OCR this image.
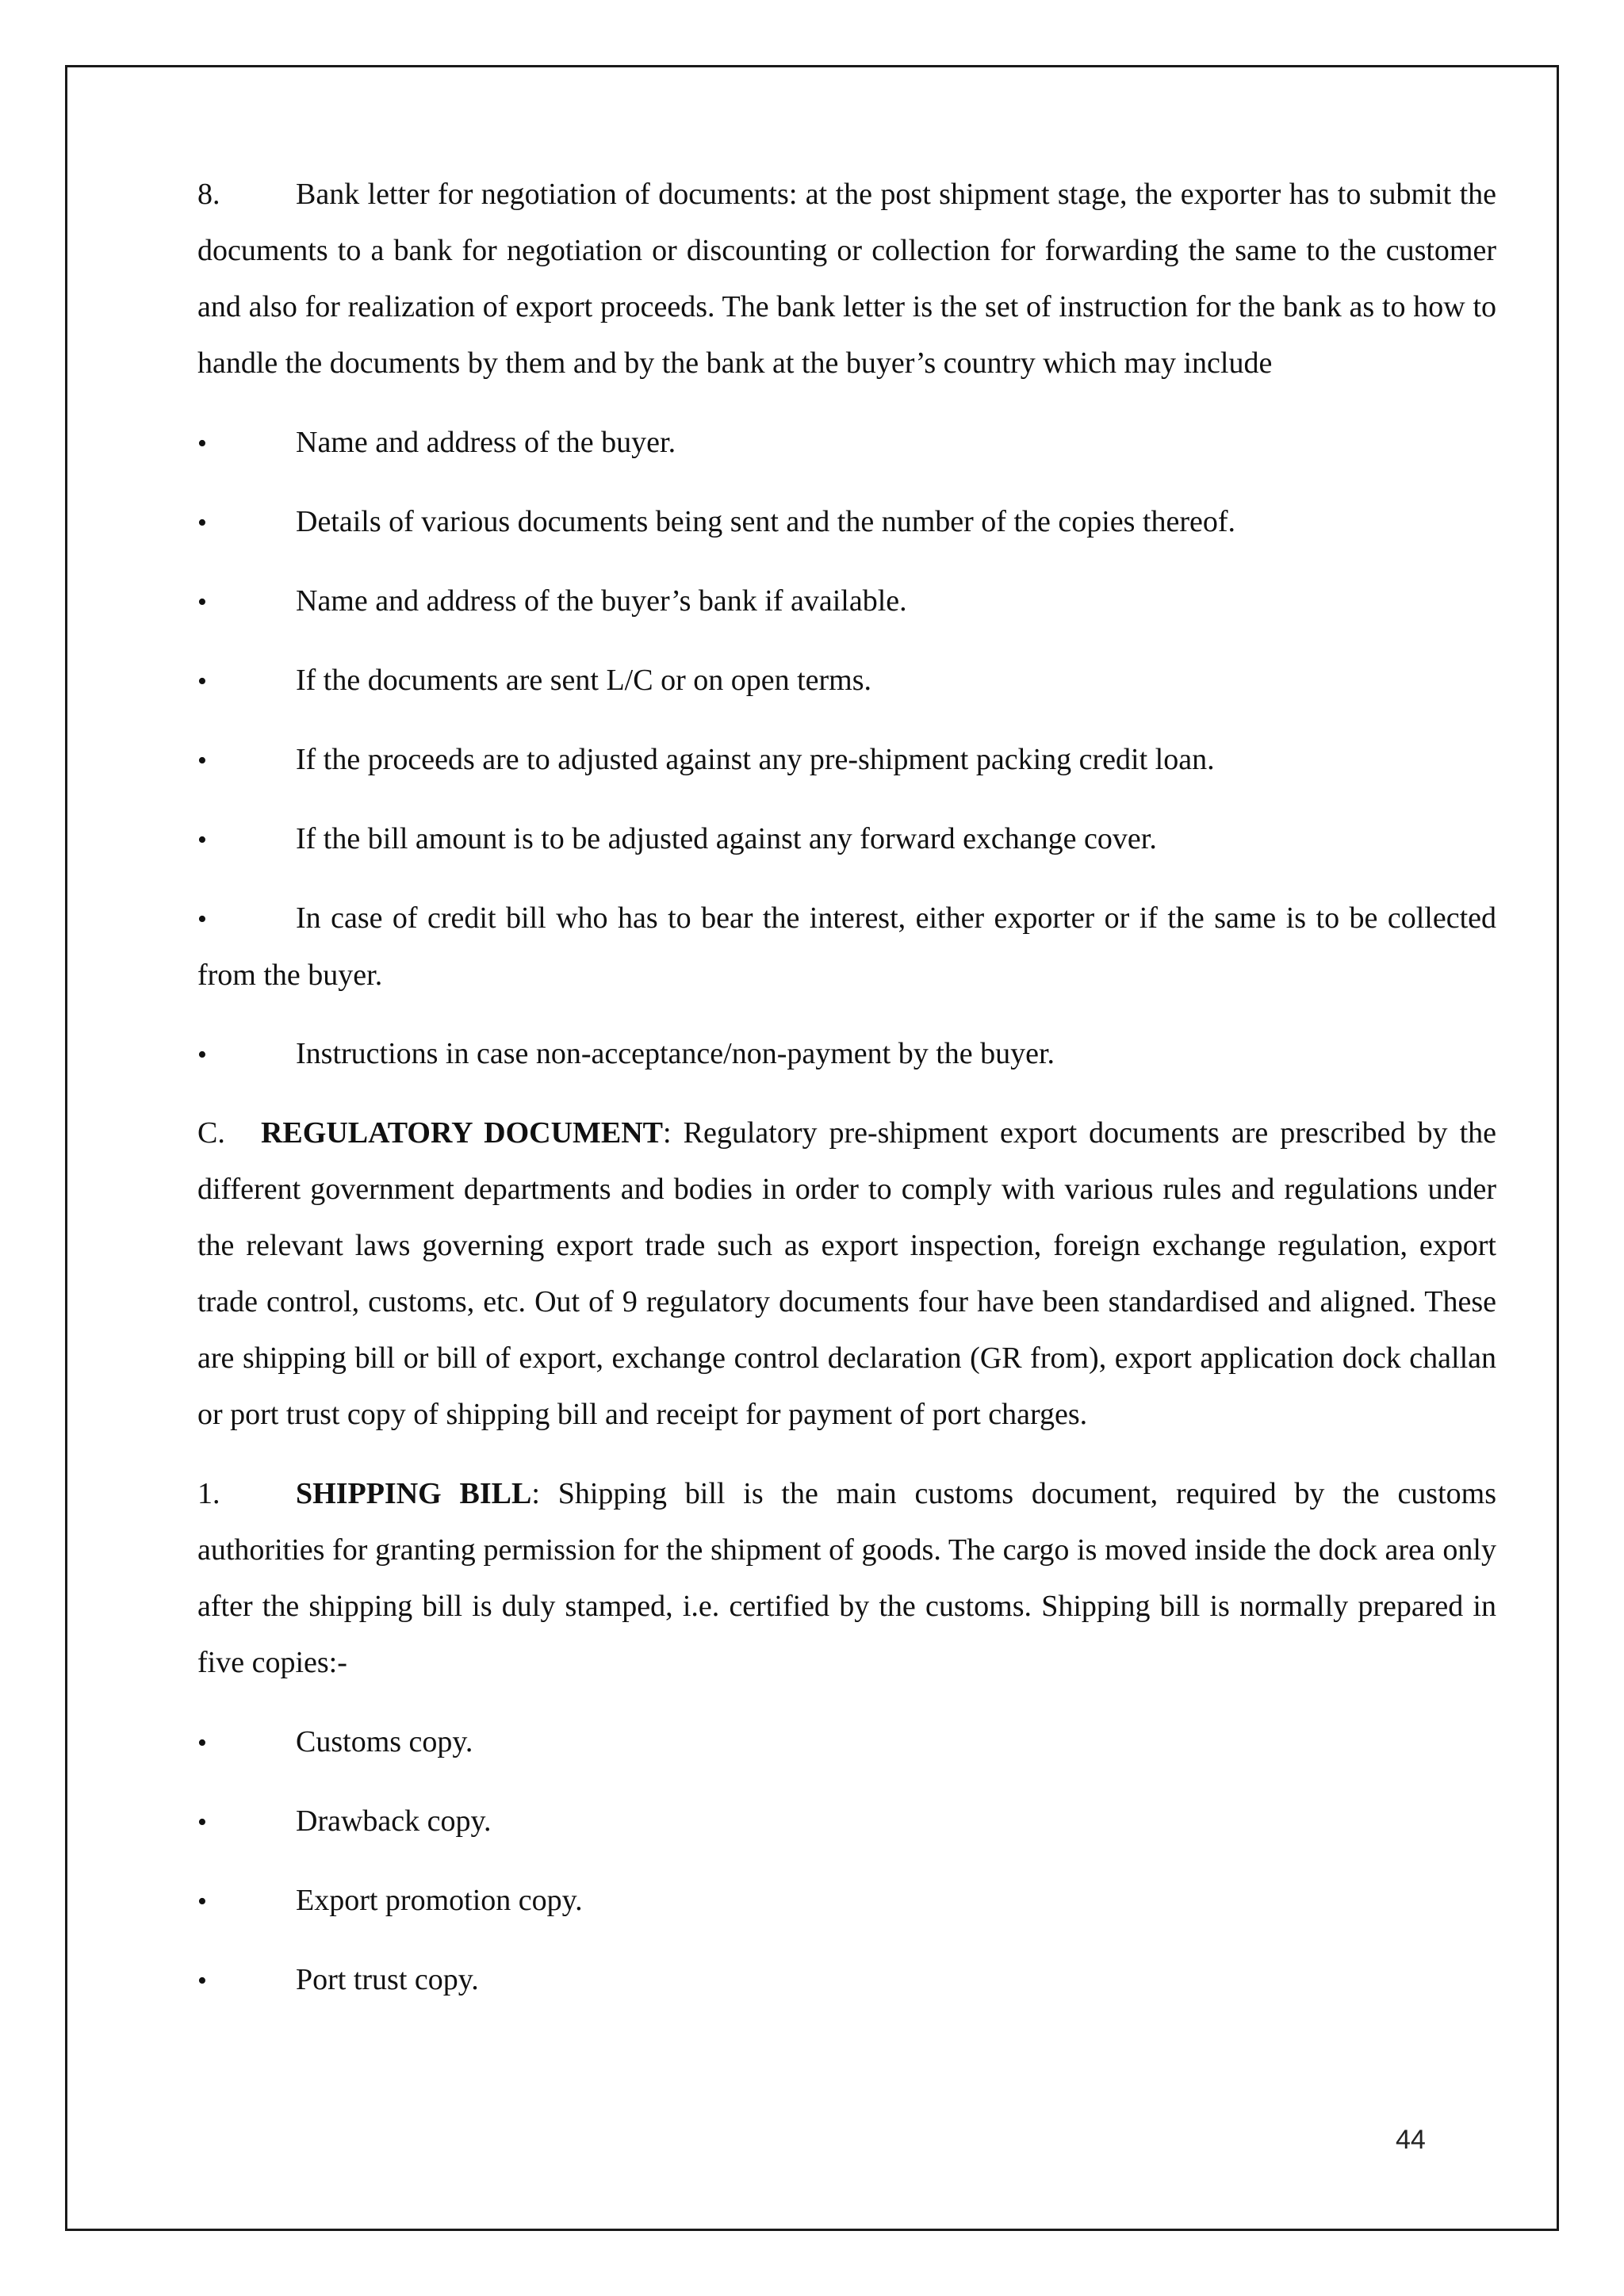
8.	Bank letter for negotiation of documents: at the post shipment stage, the exporter has to submit the documents to a bank for negotiation or discounting or collection for forwarding the same to the customer and also for realization of export proceeds. The bank letter is the set of instruction for the bank as to how to handle the documents by them and by the bank at the buyer’s country which may include

•	Name and address of the buyer.

•	Details of various documents being sent and the number of the copies thereof.

•	Name and address of the buyer’s bank if available.

•	If the documents are sent L/C or on open terms.

•	If the proceeds are to adjusted against any pre-shipment packing credit loan.

•	If the bill amount is to be adjusted against any forward exchange cover.

•	In case of credit bill who has to bear the interest, either exporter or if the same is to be collected from the buyer.

•	Instructions in case non-acceptance/non-payment by the buyer.

C. REGULATORY DOCUMENT: Regulatory pre-shipment export documents are prescribed by the different government departments and bodies in order to comply with various rules and regulations under the relevant laws governing export trade such as export inspection, foreign exchange regulation, export trade control, customs, etc. Out of 9 regulatory documents four have been standardised and aligned. These are shipping bill or bill of export, exchange control declaration (GR from), export application dock challan or port trust copy of shipping bill and receipt for payment of port charges.

1.	SHIPPING BILL: Shipping bill is the main customs document, required by the customs authorities for granting permission for the shipment of goods. The cargo is moved inside the dock area only after the shipping bill is duly stamped, i.e. certified by the customs. Shipping bill is normally prepared in five copies:-

•	Customs copy.

•	Drawback copy.

•	Export promotion copy.

•	Port trust copy.

44
